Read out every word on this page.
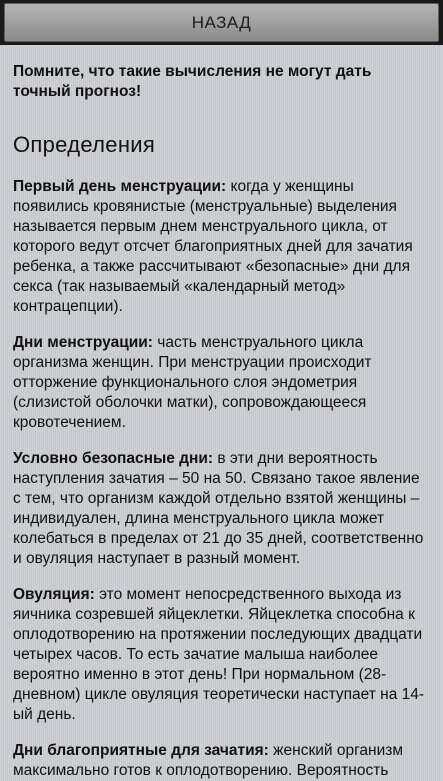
НАЗАД

Помните, что такие вычисления не могут дать точный прогноз!

Определения

Первый день менструации: когда у женщины появились кровянистые (менструальные) выделения называется первым днем менструального цикла, от которого ведут отсчет благоприятных дней для зачатия ребенка, а также рассчитывают «безопасные» дни для секса (так называемый «календарный метод» контрацепции).

Дни менструации: часть менструального цикла организма женщин. При менструации происходит отторжение функционального слоя эндометрия (слизистой оболочки матки), сопровождающееся кровотечением.

Условно безопасные дни: в эти дни вероятность наступления зачатия – 50 на 50. Связано такое явление с тем, что организм каждой отдельно взятой женщины – индивидуален, длина менструального цикла может колебаться в пределах от 21 до 35 дней, соответственно и овуляция наступает в разный момент.

Овуляция: это момент непосредственного выхода из яичника созревшей яйцеклетки. Яйцеклетка способна к оплодотворению на протяжении последующих двадцати четырех часов. То есть зачатие малыша наиболее вероятно именно в этот день! При нормальном (28-дневном) цикле овуляция теоретически наступает на 14-ый день.

Дни благоприятные для зачатия: женский организм максимально готов к оплодотворению. Вероятность
